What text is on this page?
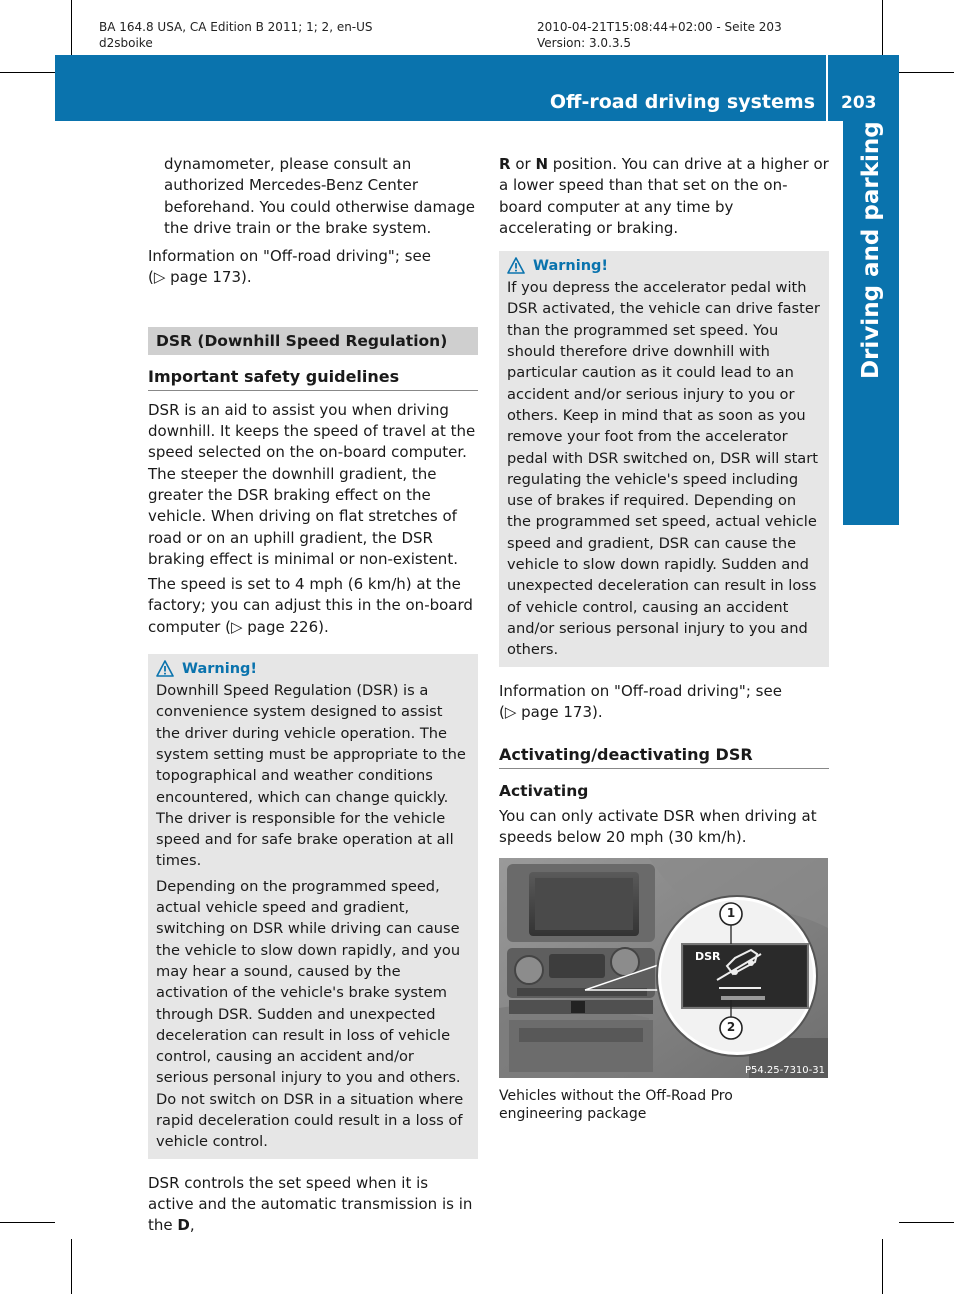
BA 164.8 USA, CA Edition B 2011; 1; 2, en-US
d2sboike
2010-04-21T15:08:44+02:00 - Seite 203
Version: 3.0.3.5
Off-road driving systems 203
Driving and parking

dynamometer, please consult an authorized Mercedes-Benz Center beforehand. You could otherwise damage the drive train or the brake system.

Information on "Off-road driving"; see
(▷ page 173).

DSR (Downhill Speed Regulation)
Important safety guidelines

DSR is an aid to assist you when driving downhill. It keeps the speed of travel at the speed selected on the on-board computer. The steeper the downhill gradient, the greater the DSR braking effect on the vehicle. When driving on flat stretches of road or on an uphill gradient, the DSR braking effect is minimal or non-existent.

The speed is set to 4 mph (6 km/h) at the factory; you can adjust this in the on-board computer (▷ page 226).

Warning!

Downhill Speed Regulation (DSR) is a convenience system designed to assist the driver during vehicle operation. The system setting must be appropriate to the topographical and weather conditions encountered, which can change quickly. The driver is responsible for the vehicle speed and for safe brake operation at all times.

Depending on the programmed speed, actual vehicle speed and gradient, switching on DSR while driving can cause the vehicle to slow down rapidly, and you may hear a sound, caused by the activation of the vehicle's brake system through DSR. Sudden and unexpected deceleration can result in loss of vehicle control, causing an accident and/or serious personal injury to you and others. Do not switch on DSR in a situation where rapid deceleration could result in a loss of vehicle control.

DSR controls the set speed when it is active and the automatic transmission is in the D,

R or N position. You can drive at a higher or a lower speed than that set on the on-board computer at any time by accelerating or braking.

Warning!

If you depress the accelerator pedal with DSR activated, the vehicle can drive faster than the programmed set speed. You should therefore drive downhill with particular caution as it could lead to an accident and/or serious injury to you or others. Keep in mind that as soon as you remove your foot from the accelerator pedal with DSR switched on, DSR will start regulating the vehicle's speed including use of brakes if required. Depending on the programmed set speed, actual vehicle speed and gradient, DSR can cause the vehicle to slow down rapidly. Sudden and unexpected deceleration can result in loss of vehicle control, causing an accident and/or serious personal injury to you and others.

Information on "Off-road driving"; see
(▷ page 173).

Activating/deactivating DSR
Activating

You can only activate DSR when driving at speeds below 20 mph (30 km/h).

DSR
1
2
P54.25-7310-31
Vehicles without the Off-Road Pro engineering package
